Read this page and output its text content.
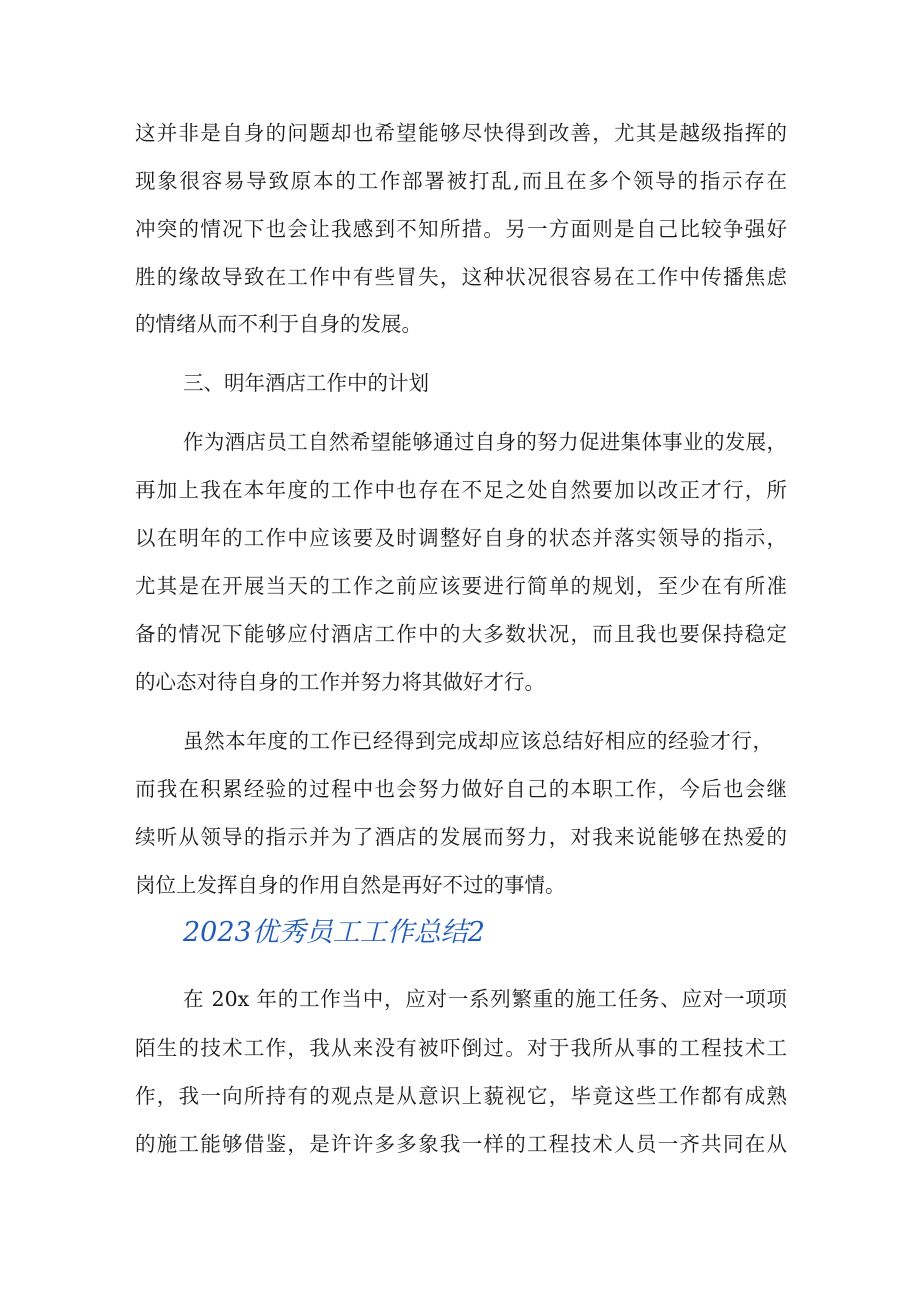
这并非是自身的问题却也希望能够尽快得到改善，尤其是越级指挥的
现象很容易导致原本的工作部署被打乱,而且在多个领导的指示存在
冲突的情况下也会让我感到不知所措。另一方面则是自己比较争强好
胜的缘故导致在工作中有些冒失，这种状况很容易在工作中传播焦虑
的情绪从而不利于自身的发展。
三、明年酒店工作中的计划
作为酒店员工自然希望能够通过自身的努力促进集体事业的发展，
再加上我在本年度的工作中也存在不足之处自然要加以改正才行，所
以在明年的工作中应该要及时调整好自身的状态并落实领导的指示，
尤其是在开展当天的工作之前应该要进行简单的规划，至少在有所准
备的情况下能够应付酒店工作中的大多数状况，而且我也要保持稳定
的心态对待自身的工作并努力将其做好才行。
虽然本年度的工作已经得到完成却应该总结好相应的经验才行，
而我在积累经验的过程中也会努力做好自己的本职工作，今后也会继
续听从领导的指示并为了酒店的发展而努力，对我来说能够在热爱的
岗位上发挥自身的作用自然是再好不过的事情。
2023优秀员工工作总结2
在 20x 年的工作当中，应对一系列繁重的施工任务、应对一项项
陌生的技术工作，我从来没有被吓倒过。对于我所从事的工程技术工
作，我一向所持有的观点是从意识上藐视它，毕竟这些工作都有成熟
的施工能够借鉴，是许许多多象我一样的工程技术人员一齐共同在从
